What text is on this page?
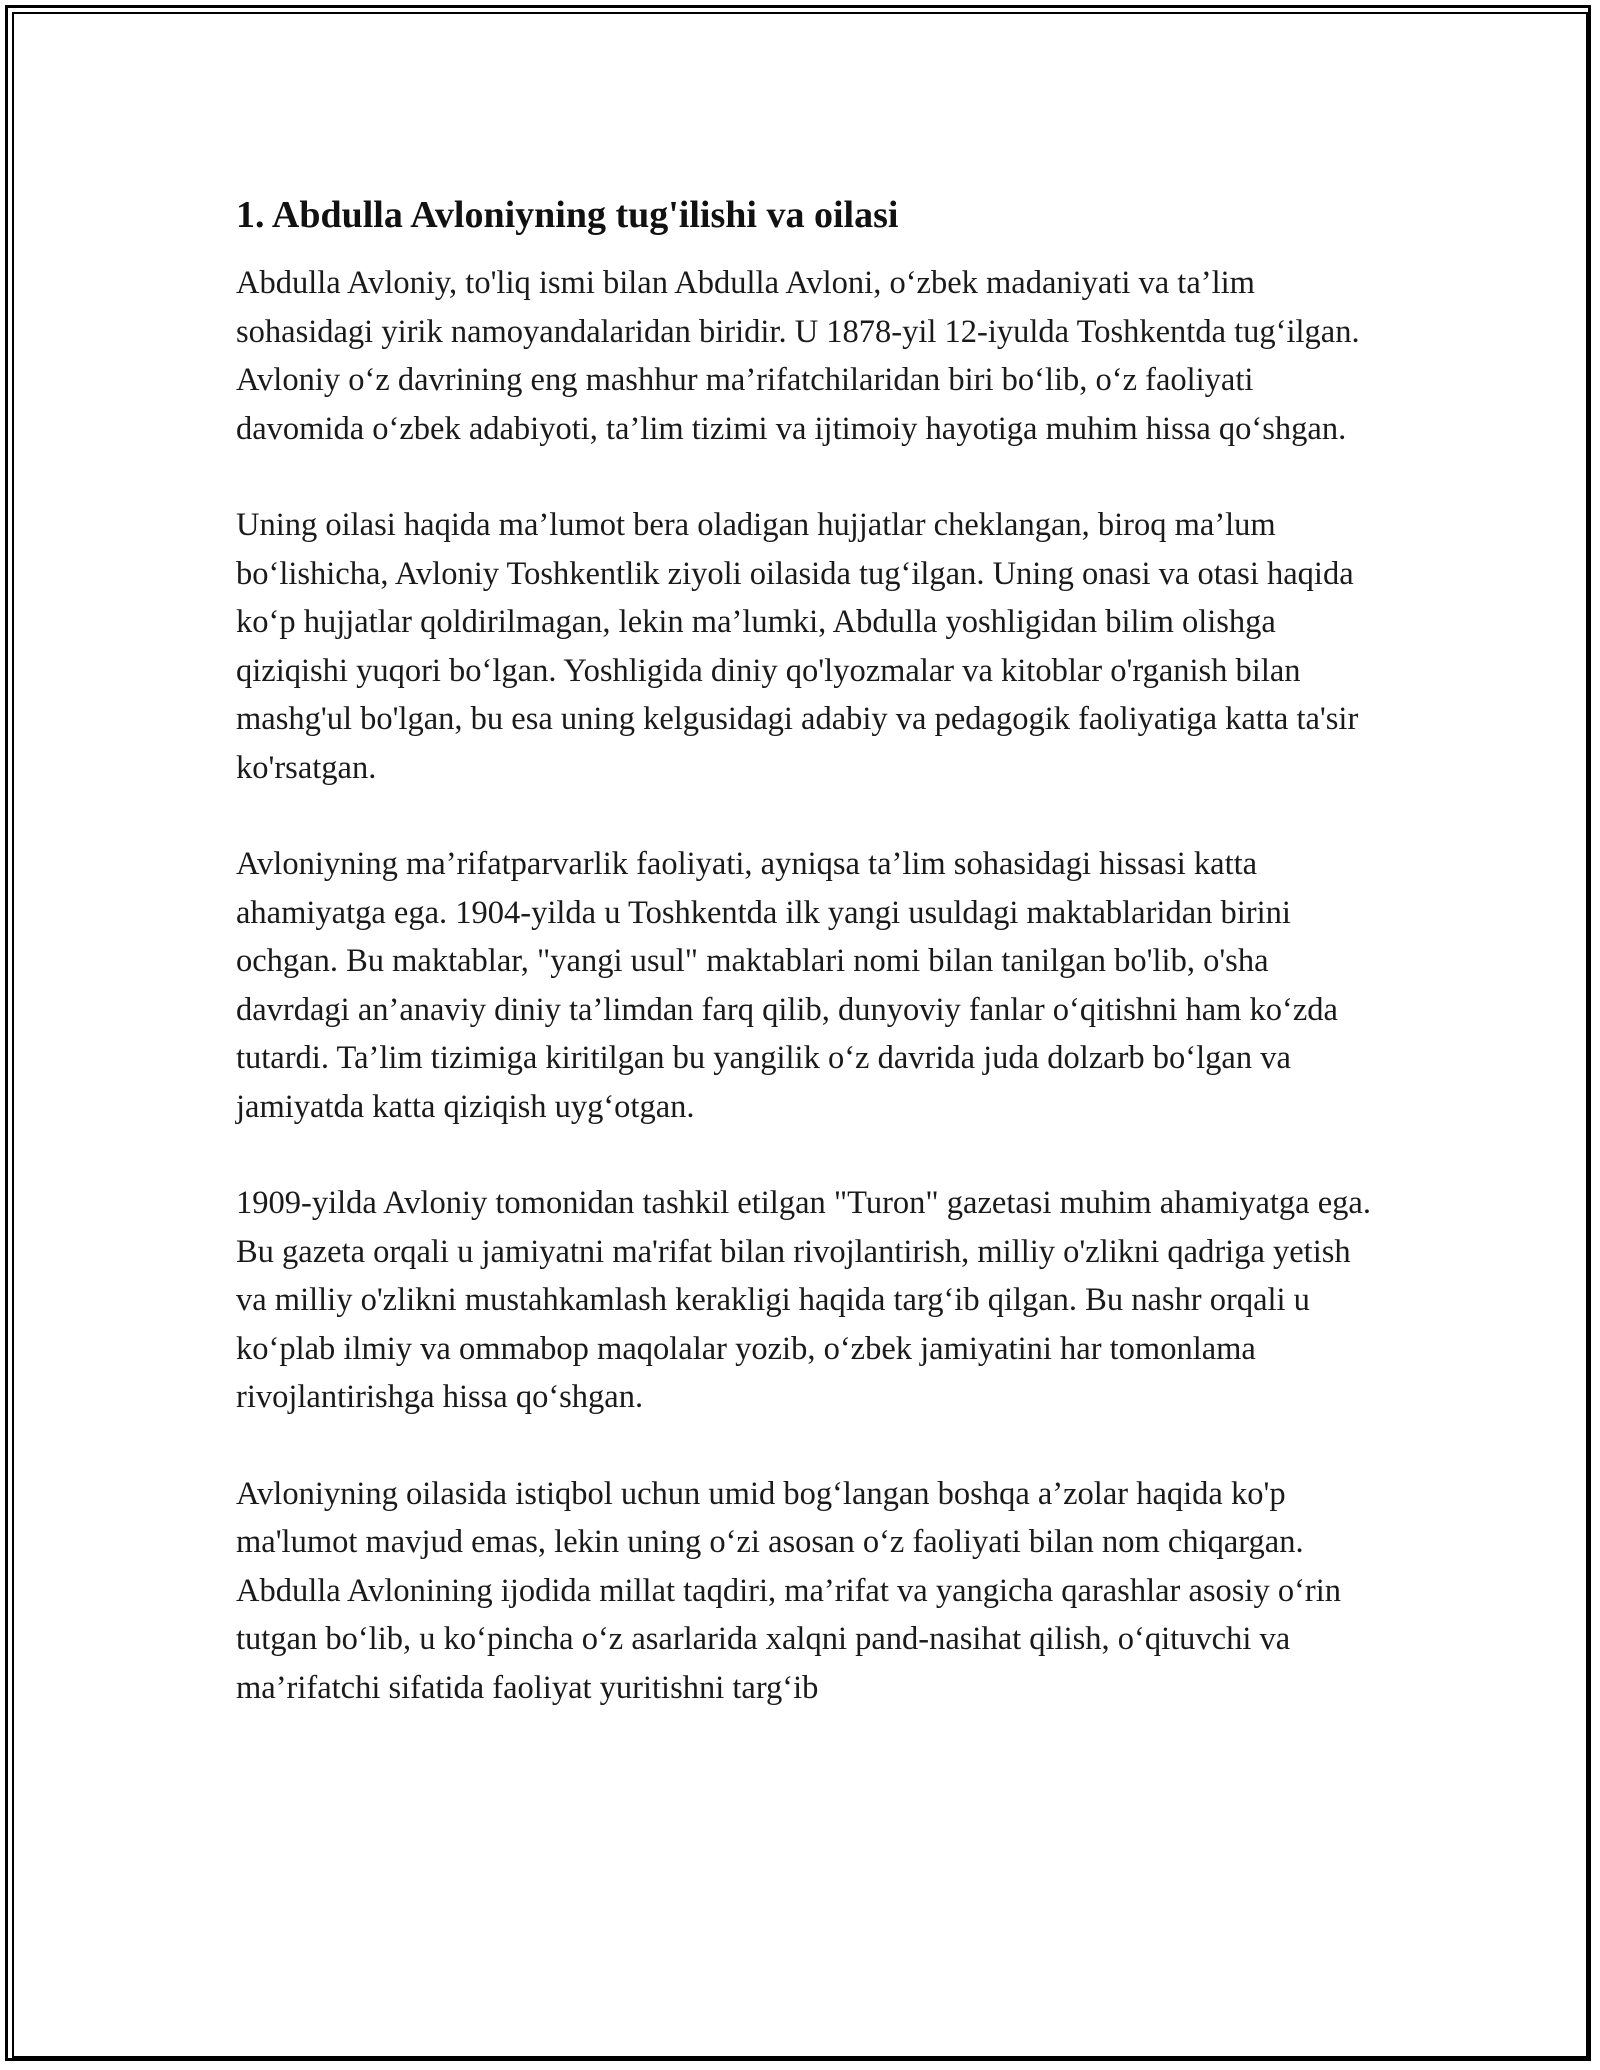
1. Abdulla Avloniyning tug'ilishi va oilasi

Abdulla Avloniy, to'liq ismi bilan Abdulla Avloni, o‘zbek madaniyati va ta’lim sohasidagi yirik namoyandalaridan biridir. U 1878-yil 12-iyulda Toshkentda tug‘ilgan. Avloniy o‘z davrining eng mashhur ma’rifatchilaridan biri bo‘lib, o‘z faoliyati davomida o‘zbek adabiyoti, ta’lim tizimi va ijtimoiy hayotiga muhim hissa qo‘shgan.

Uning oilasi haqida ma’lumot bera oladigan hujjatlar cheklangan, biroq ma’lum bo‘lishicha, Avloniy Toshkentlik ziyoli oilasida tug‘ilgan. Uning onasi va otasi haqida ko‘p hujjatlar qoldirilmagan, lekin ma’lumki, Abdulla yoshligidan bilim olishga qiziqishi yuqori bo‘lgan. Yoshligida diniy qo'lyozmalar va kitoblar o'rganish bilan mashg'ul bo'lgan, bu esa uning kelgusidagi adabiy va pedagogik faoliyatiga katta ta'sir ko'rsatgan.

Avloniyning ma’rifatparvarlik faoliyati, ayniqsa ta’lim sohasidagi hissasi katta ahamiyatga ega. 1904-yilda u Toshkentda ilk yangi usuldagi maktablaridan birini ochgan. Bu maktablar, "yangi usul" maktablari nomi bilan tanilgan bo'lib, o'sha davrdagi an’anaviy diniy ta’limdan farq qilib, dunyoviy fanlar o‘qitishni ham ko‘zda tutardi. Ta’lim tizimiga kiritilgan bu yangilik o‘z davrida juda dolzarb bo‘lgan va jamiyatda katta qiziqish uyg‘otgan.

1909-yilda Avloniy tomonidan tashkil etilgan "Turon" gazetasi muhim ahamiyatga ega. Bu gazeta orqali u jamiyatni ma'rifat bilan rivojlantirish, milliy o'zlikni qadriga yetish va milliy o'zlikni mustahkamlash kerakligi haqida targ‘ib qilgan. Bu nashr orqali u ko‘plab ilmiy va ommabop maqolalar yozib, o‘zbek jamiyatini har tomonlama rivojlantirishga hissa qoʻshgan.

Avloniyning oilasida istiqbol uchun umid bog‘langan boshqa a’zolar haqida ko'p ma'lumot mavjud emas, lekin uning o‘zi asosan o‘z faoliyati bilan nom chiqargan. Abdulla Avlonining ijodida millat taqdiri, ma’rifat va yangicha qarashlar asosiy o‘rin tutgan bo‘lib, u ko‘pincha o‘z asarlarida xalqni pand-nasihat qilish, o‘qituvchi va ma’rifatchi sifatida faoliyat yuritishni targ‘ib
